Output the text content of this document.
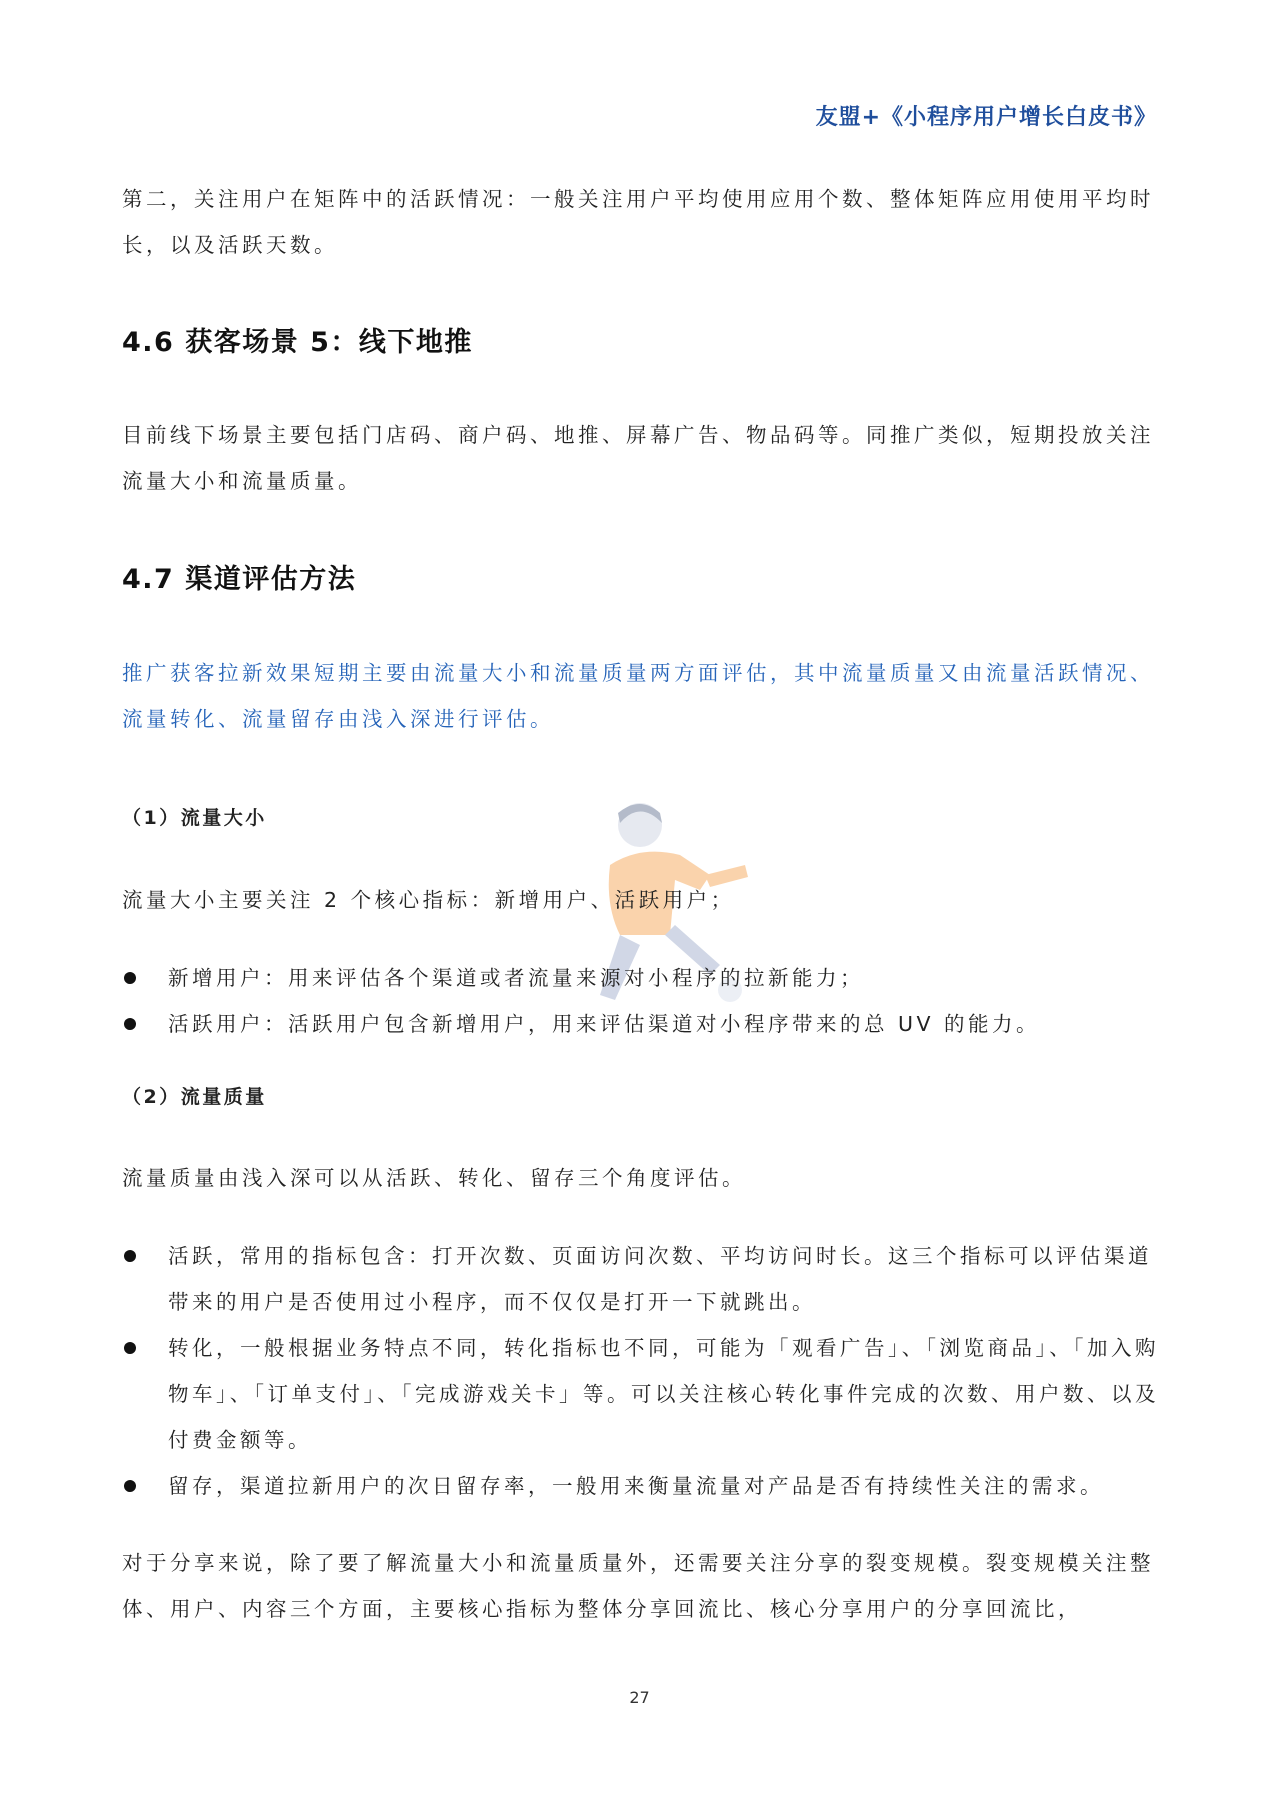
友盟+《小程序用户增长白皮书》

第二，关注用户在矩阵中的活跃情况：一般关注用户平均使用应用个数、整体矩阵应用使用平均时长，以及活跃天数。

4.6 获客场景 5：线下地推

目前线下场景主要包括门店码、商户码、地推、屏幕广告、物品码等。同推广类似，短期投放关注流量大小和流量质量。

4.7 渠道评估方法

推广获客拉新效果短期主要由流量大小和流量质量两方面评估，其中流量质量又由流量活跃情况、流量转化、流量留存由浅入深进行评估。

（1）流量大小

流量大小主要关注 2 个核心指标：新增用户、活跃用户；

新增用户：用来评估各个渠道或者流量来源对小程序的拉新能力；
活跃用户：活跃用户包含新增用户，用来评估渠道对小程序带来的总 UV 的能力。
（2）流量质量

流量质量由浅入深可以从活跃、转化、留存三个角度评估。

活跃，常用的指标包含：打开次数、页面访问次数、平均访问时长。这三个指标可以评估渠道带来的用户是否使用过小程序，而不仅仅是打开一下就跳出。
转化，一般根据业务特点不同，转化指标也不同，可能为「观看广告」、「浏览商品」、「加入购物车」、「订单支付」、「完成游戏关卡」等。可以关注核心转化事件完成的次数、用户数、以及付费金额等。
留存，渠道拉新用户的次日留存率，一般用来衡量流量对产品是否有持续性关注的需求。

对于分享来说，除了要了解流量大小和流量质量外，还需要关注分享的裂变规模。裂变规模关注整体、用户、内容三个方面，主要核心指标为整体分享回流比、核心分享用户的分享回流比，

27
